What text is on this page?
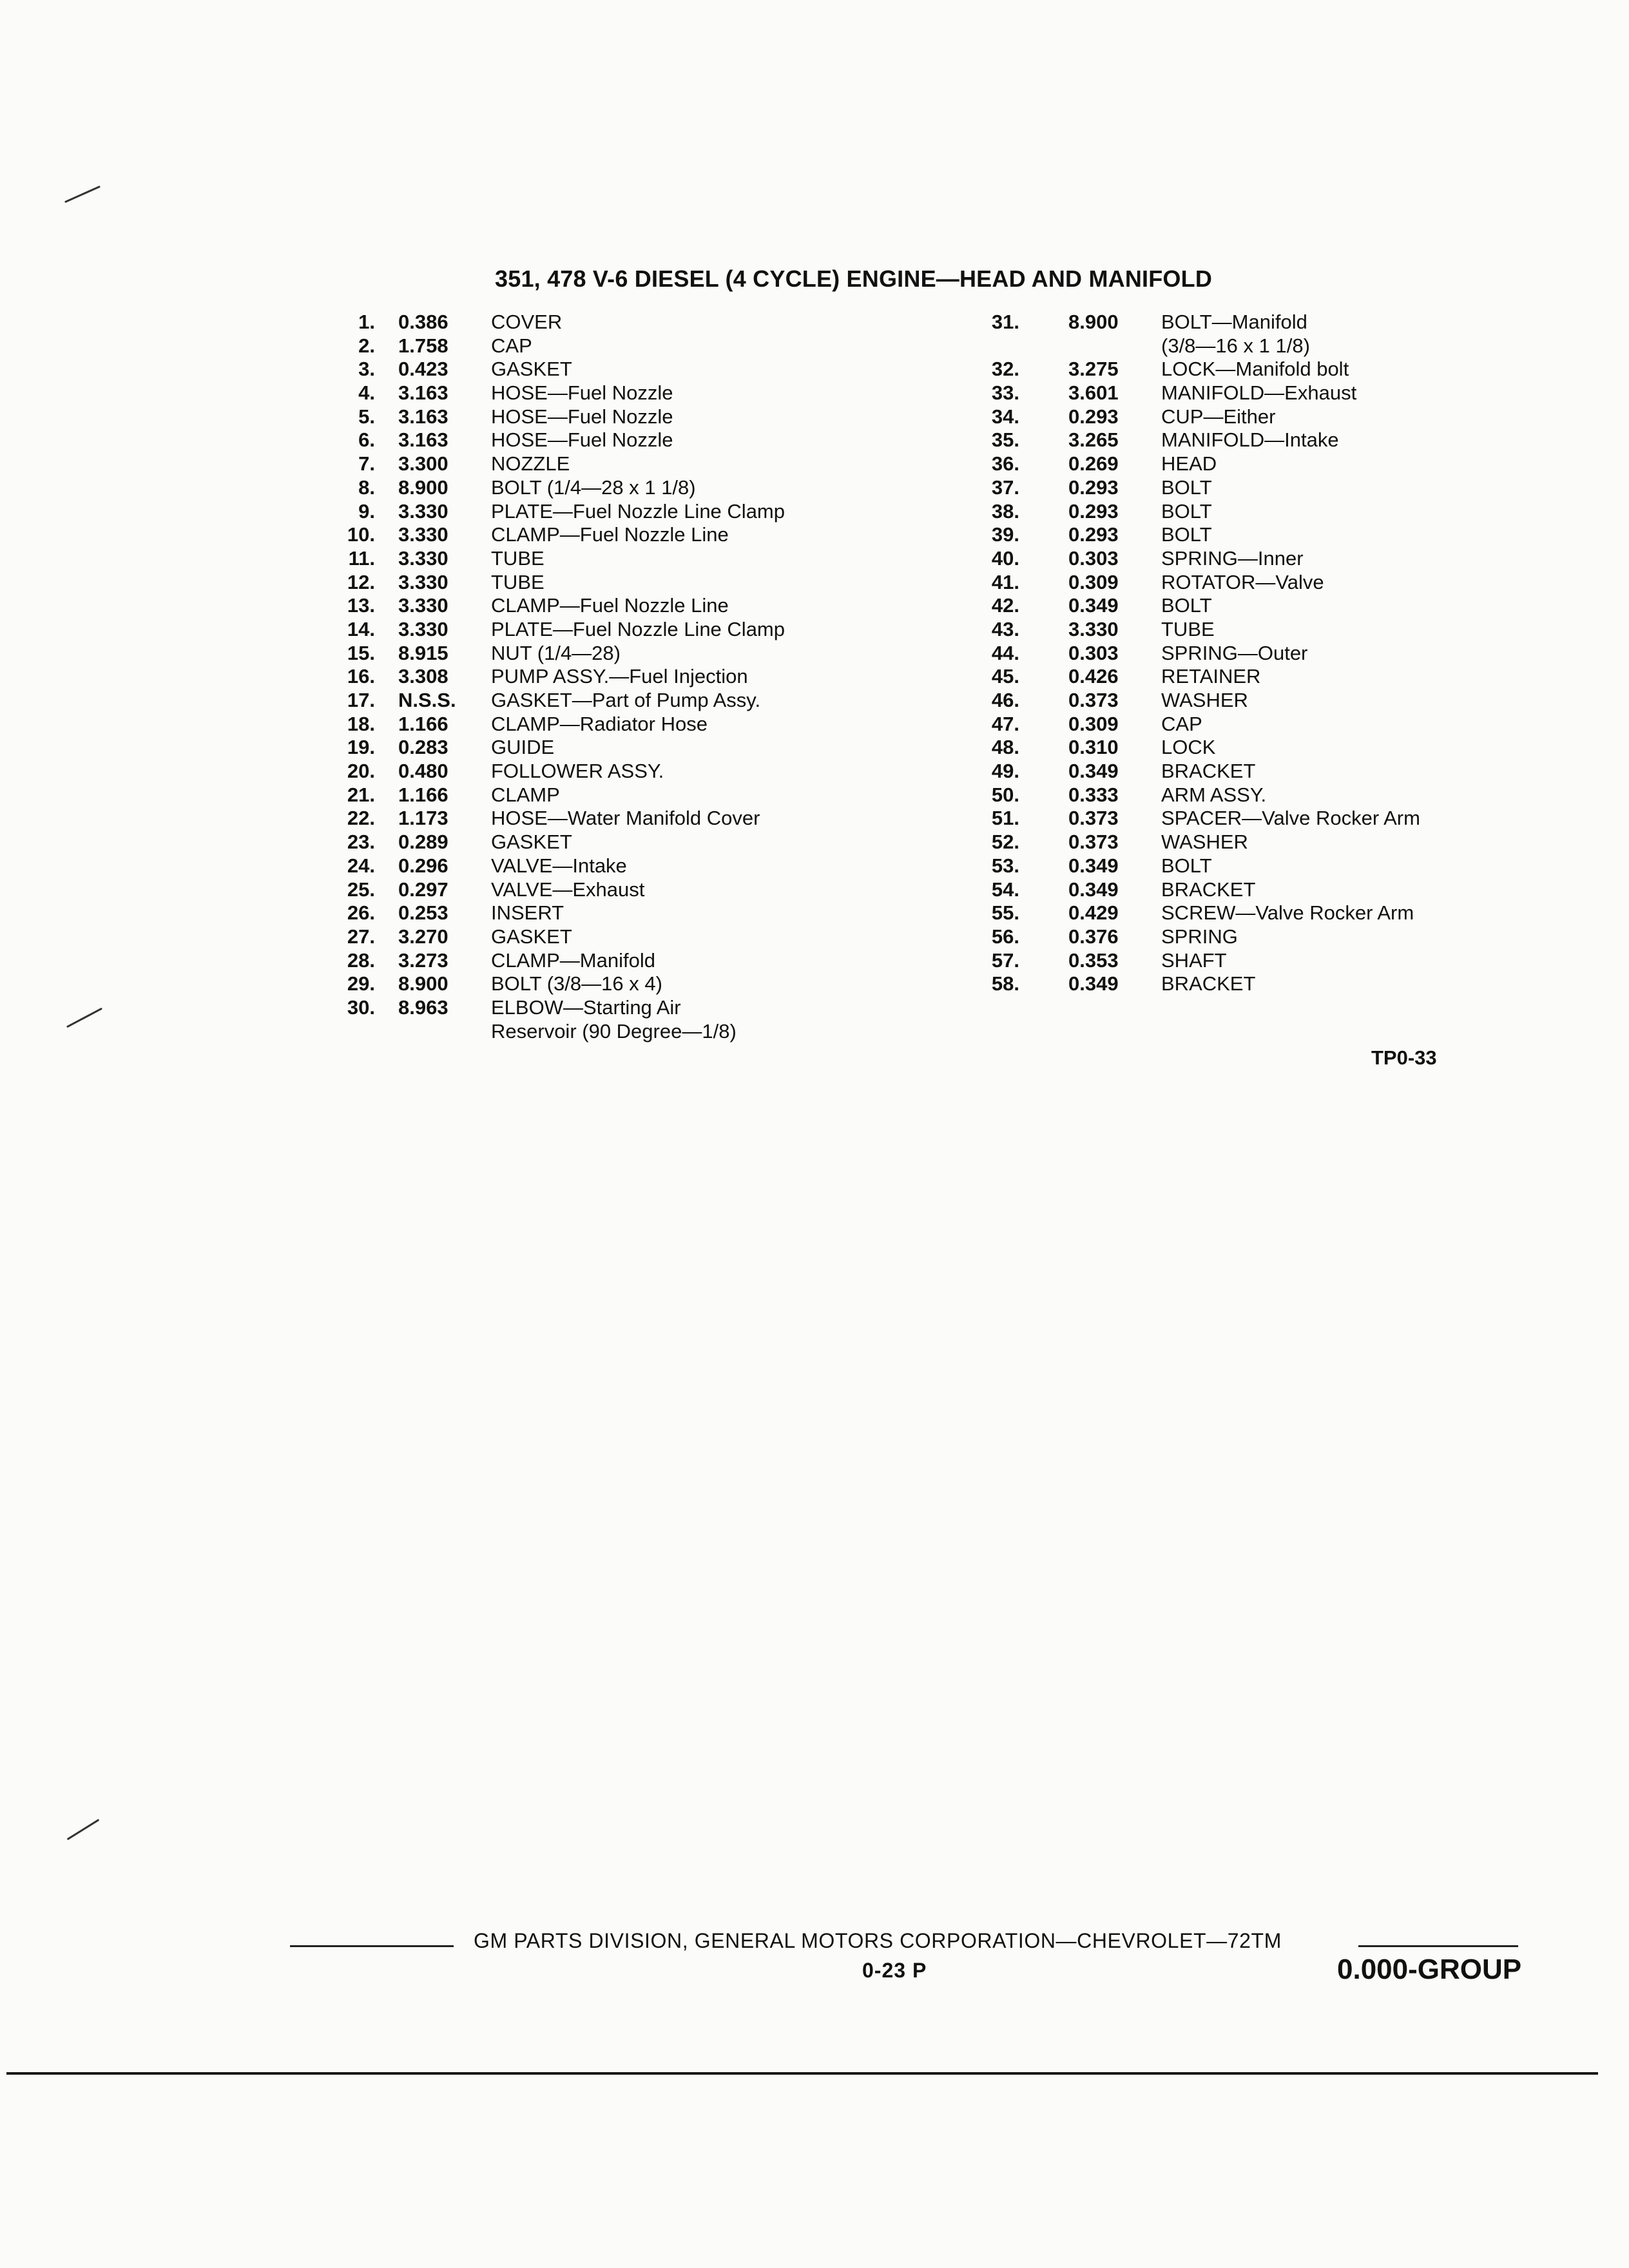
351, 478 V-6 DIESEL (4 CYCLE) ENGINE—HEAD AND MANIFOLD
1. 0.386 COVER
2. 1.758 CAP
3. 0.423 GASKET
4. 3.163 HOSE—Fuel Nozzle
5. 3.163 HOSE—Fuel Nozzle
6. 3.163 HOSE—Fuel Nozzle
7. 3.300 NOZZLE
8. 8.900 BOLT (1/4—28 x 1 1/8)
9. 3.330 PLATE—Fuel Nozzle Line Clamp
10. 3.330 CLAMP—Fuel Nozzle Line
11. 3.330 TUBE
12. 3.330 TUBE
13. 3.330 CLAMP—Fuel Nozzle Line
14. 3.330 PLATE—Fuel Nozzle Line Clamp
15. 8.915 NUT (1/4—28)
16. 3.308 PUMP ASSY.—Fuel Injection
17. N.S.S. GASKET—Part of Pump Assy.
18. 1.166 CLAMP—Radiator Hose
19. 0.283 GUIDE
20. 0.480 FOLLOWER ASSY.
21. 1.166 CLAMP
22. 1.173 HOSE—Water Manifold Cover
23. 0.289 GASKET
24. 0.296 VALVE—Intake
25. 0.297 VALVE—Exhaust
26. 0.253 INSERT
27. 3.270 GASKET
28. 3.273 CLAMP—Manifold
29. 8.900 BOLT (3/8—16 x 4)
30. 8.963 ELBOW—Starting Air
Reservoir (90 Degree—1/8)
31. 8.900 BOLT—Manifold
(3/8—16 x 1 1/8)
32. 3.275 LOCK—Manifold bolt
33. 3.601 MANIFOLD—Exhaust
34. 0.293 CUP—Either
35. 3.265 MANIFOLD—Intake
36. 0.269 HEAD
37. 0.293 BOLT
38. 0.293 BOLT
39. 0.293 BOLT
40. 0.303 SPRING—Inner
41. 0.309 ROTATOR—Valve
42. 0.349 BOLT
43. 3.330 TUBE
44. 0.303 SPRING—Outer
45. 0.426 RETAINER
46. 0.373 WASHER
47. 0.309 CAP
48. 0.310 LOCK
49. 0.349 BRACKET
50. 0.333 ARM ASSY.
51. 0.373 SPACER—Valve Rocker Arm
52. 0.373 WASHER
53. 0.349 BOLT
54. 0.349 BRACKET
55. 0.429 SCREW—Valve Rocker Arm
56. 0.376 SPRING
57. 0.353 SHAFT
58. 0.349 BRACKET
TP0-33
GM PARTS DIVISION, GENERAL MOTORS CORPORATION—CHEVROLET—72TM
0-23 P	0.000-GROUP
